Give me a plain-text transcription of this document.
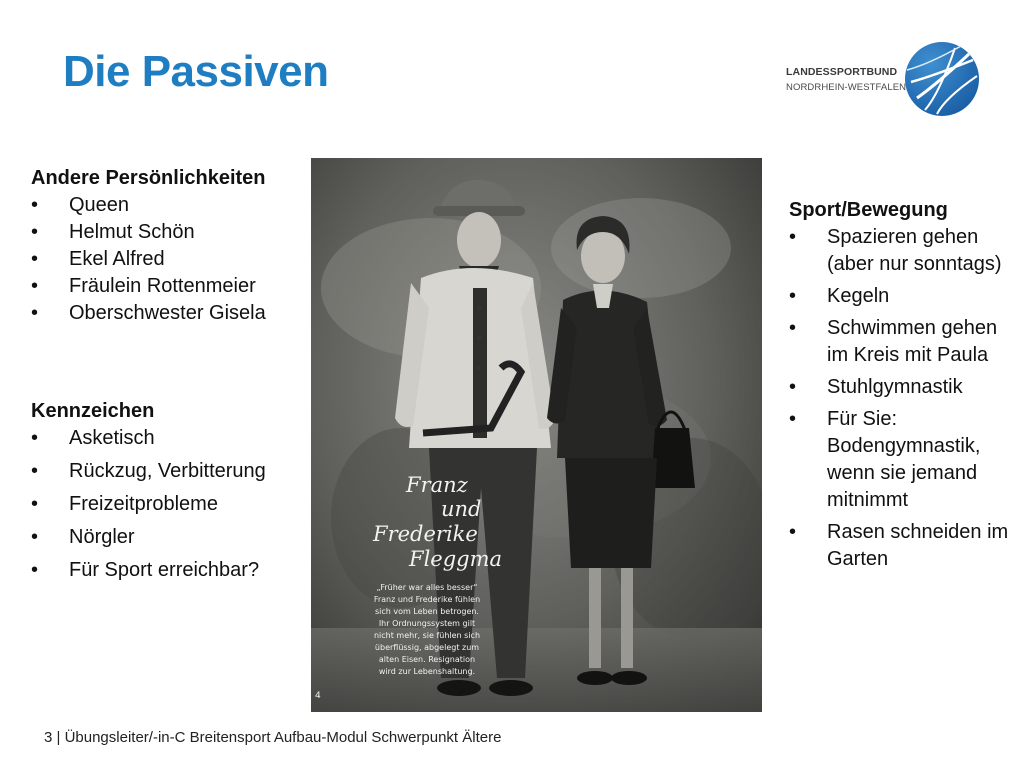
Die Passiven	LANDESSPORTBUND
NORDRHEIN-WESTFALEN
Andere Persönlichkeiten
• Queen
• Helmut Schön
• Ekel Alfred
• Fräulein Rottenmeier
• Oberschwester Gisela
Kennzeichen
• Asketisch
• Rückzug, Verbitterung
• Freizeitprobleme
• Nörgler
• Für Sport erreichbar?
Franz
und
Frederike
Fleggma
„Früher war alles besser“
Franz und Frederike fühlen
sich vom Leben betrogen.
Ihr Ordnungssystem gilt
nicht mehr, sie fühlen sich
überflüssig, abgelegt zum
alten Eisen. Resignation
wird zur Lebenshaltung.
4
Sport/Bewegung
• Spazieren gehen (aber nur sonntags)
• Kegeln
• Schwimmen gehen im Kreis mit Paula
• Stuhlgymnastik
• Für Sie: Bodengymnastik, wenn sie jemand mitnimmt
• Rasen schneiden im Garten
3 | Übungsleiter/-in-C Breitensport Aufbau-Modul Schwerpunkt Ältere
